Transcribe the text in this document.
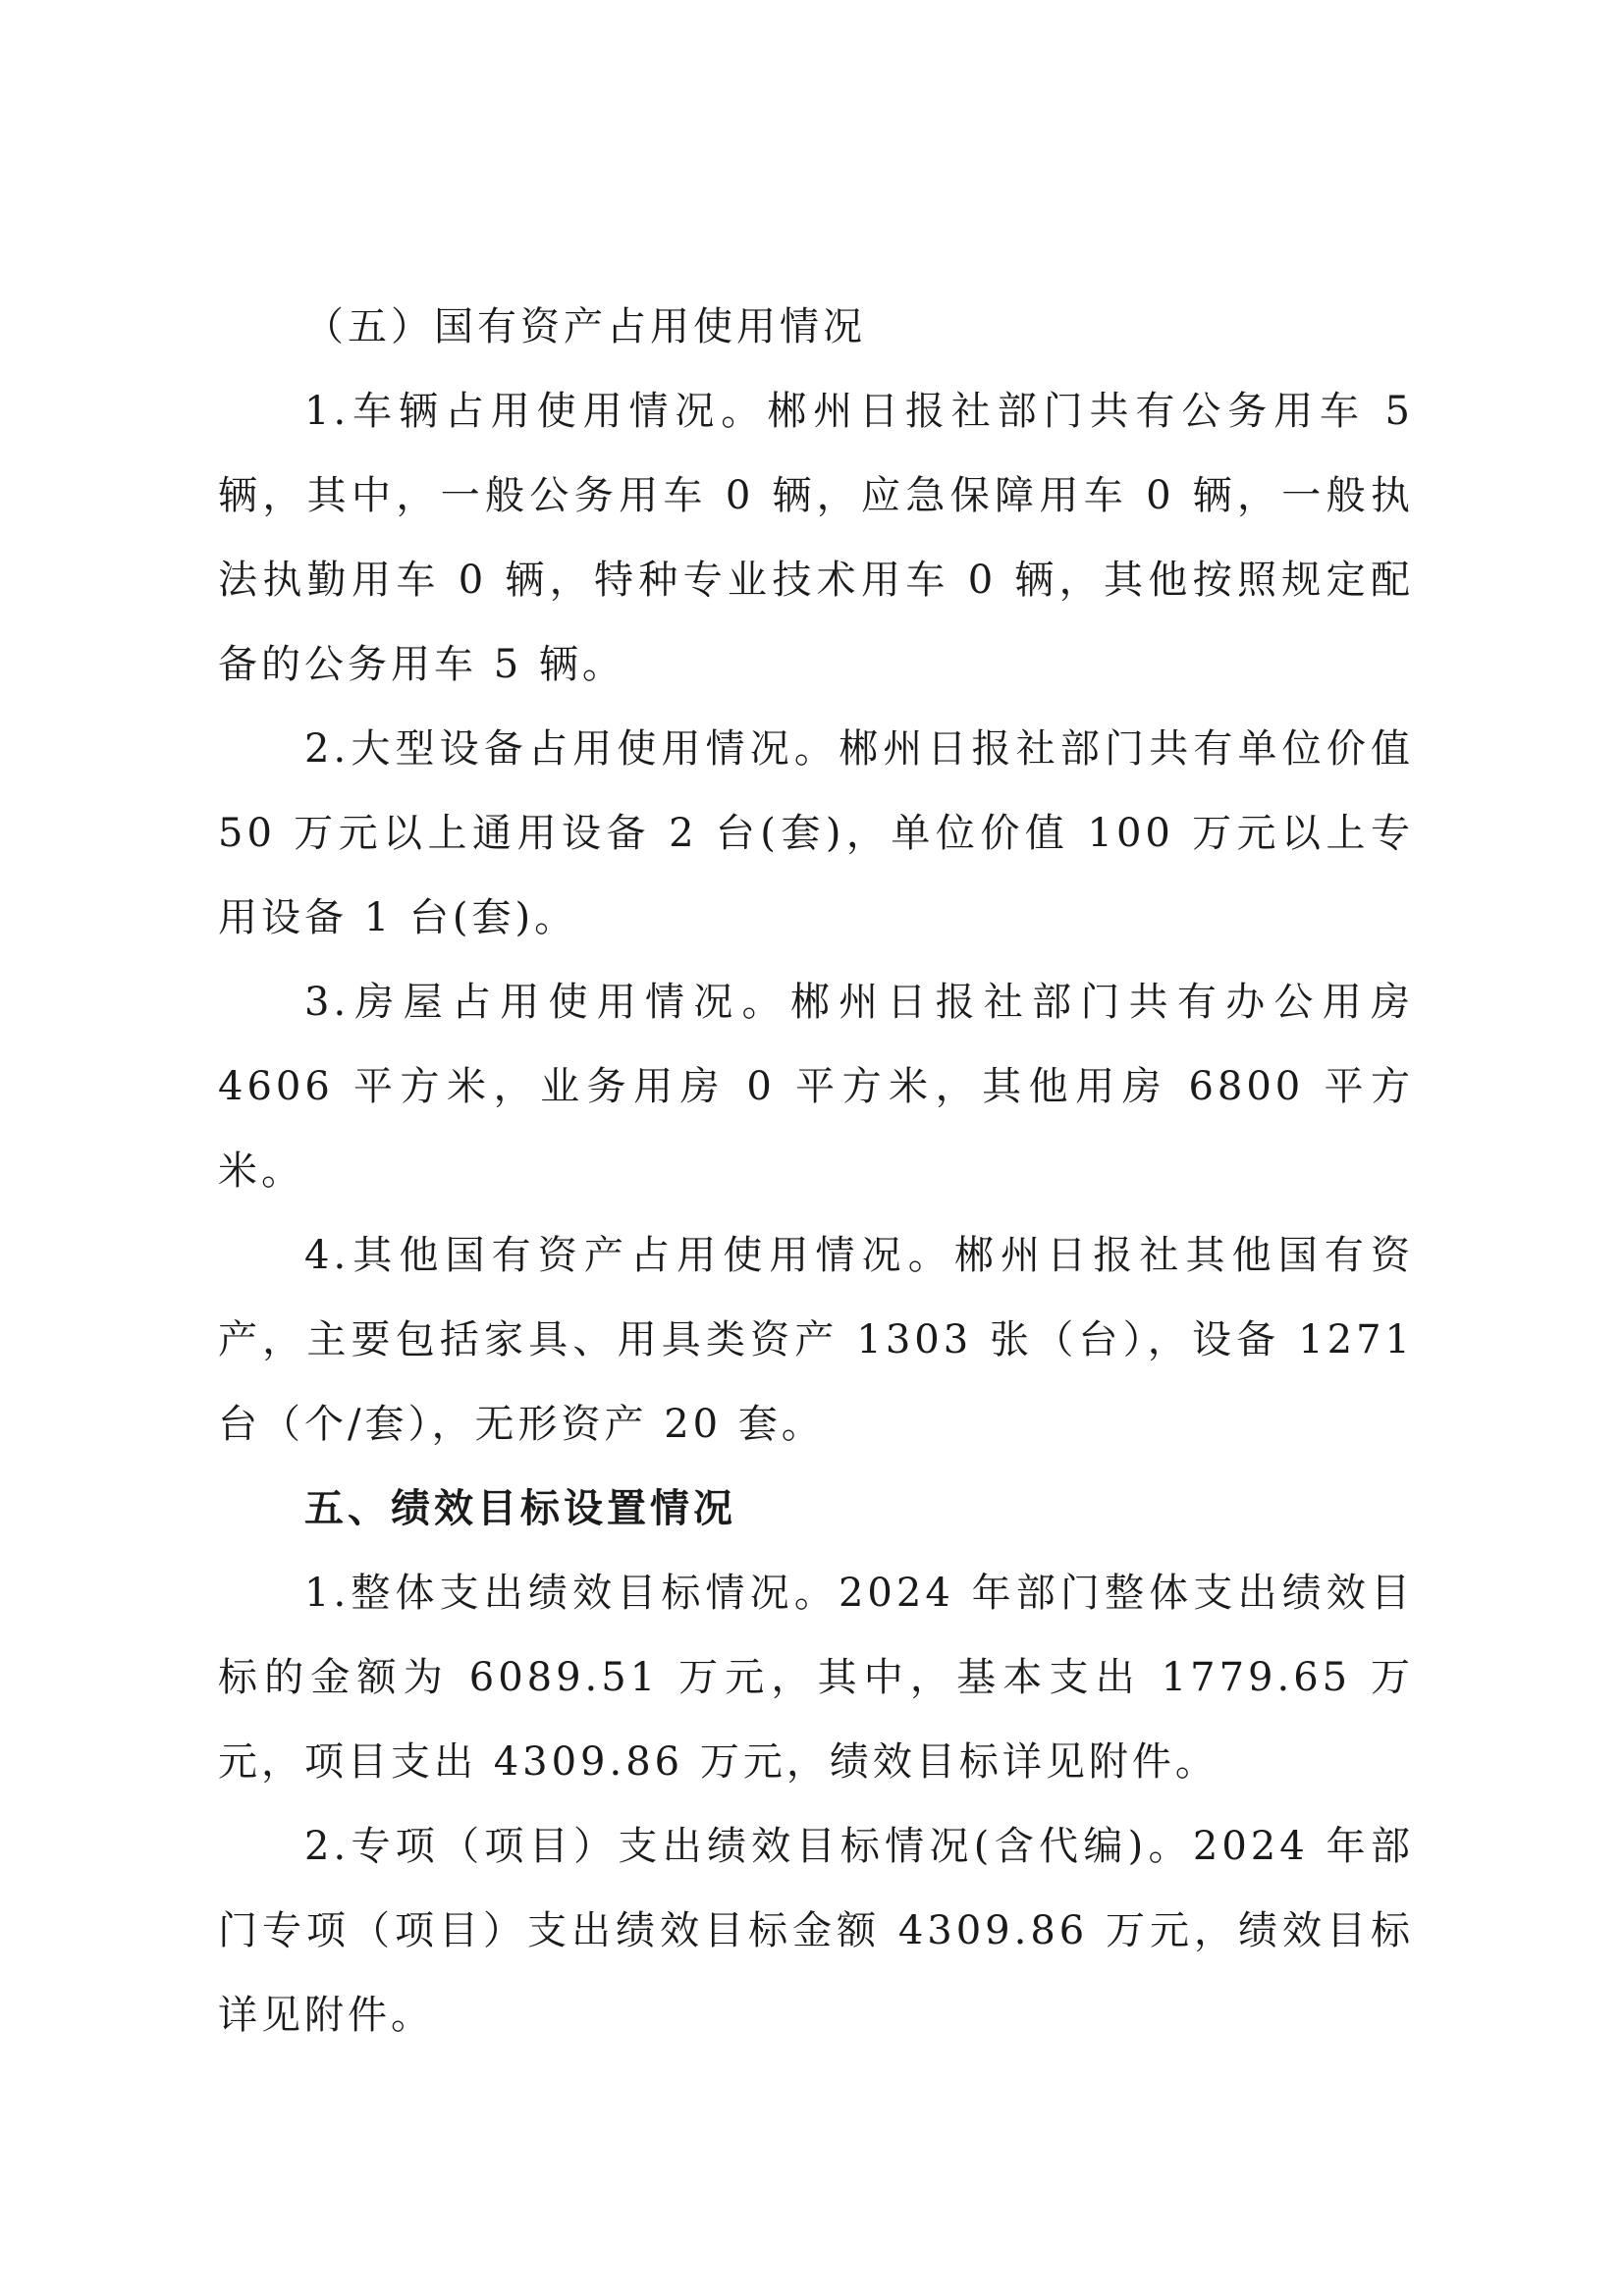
（五）国有资产占用使用情况

1.车辆占用使用情况。郴州日报社部门共有公务用车 5 辆，其中，一般公务用车 0 辆，应急保障用车 0 辆，一般执法执勤用车 0 辆，特种专业技术用车 0 辆，其他按照规定配备的公务用车 5 辆。

2.大型设备占用使用情况。郴州日报社部门共有单位价值 50 万元以上通用设备 2 台(套)，单位价值 100 万元以上专用设备 1 台(套)。

3.房屋占用使用情况。郴州日报社部门共有办公用房 4606 平方米，业务用房 0 平方米，其他用房 6800 平方米。

4.其他国有资产占用使用情况。郴州日报社其他国有资产，主要包括家具、用具类资产 1303 张（台），设备 1271 台（个/套），无形资产 20 套。

五、绩效目标设置情况

1.整体支出绩效目标情况。2024 年部门整体支出绩效目标的金额为 6089.51 万元，其中，基本支出 1779.65 万元，项目支出 4309.86 万元，绩效目标详见附件。

2.专项（项目）支出绩效目标情况(含代编)。2024 年部门专项（项目）支出绩效目标金额 4309.86 万元，绩效目标详见附件。
